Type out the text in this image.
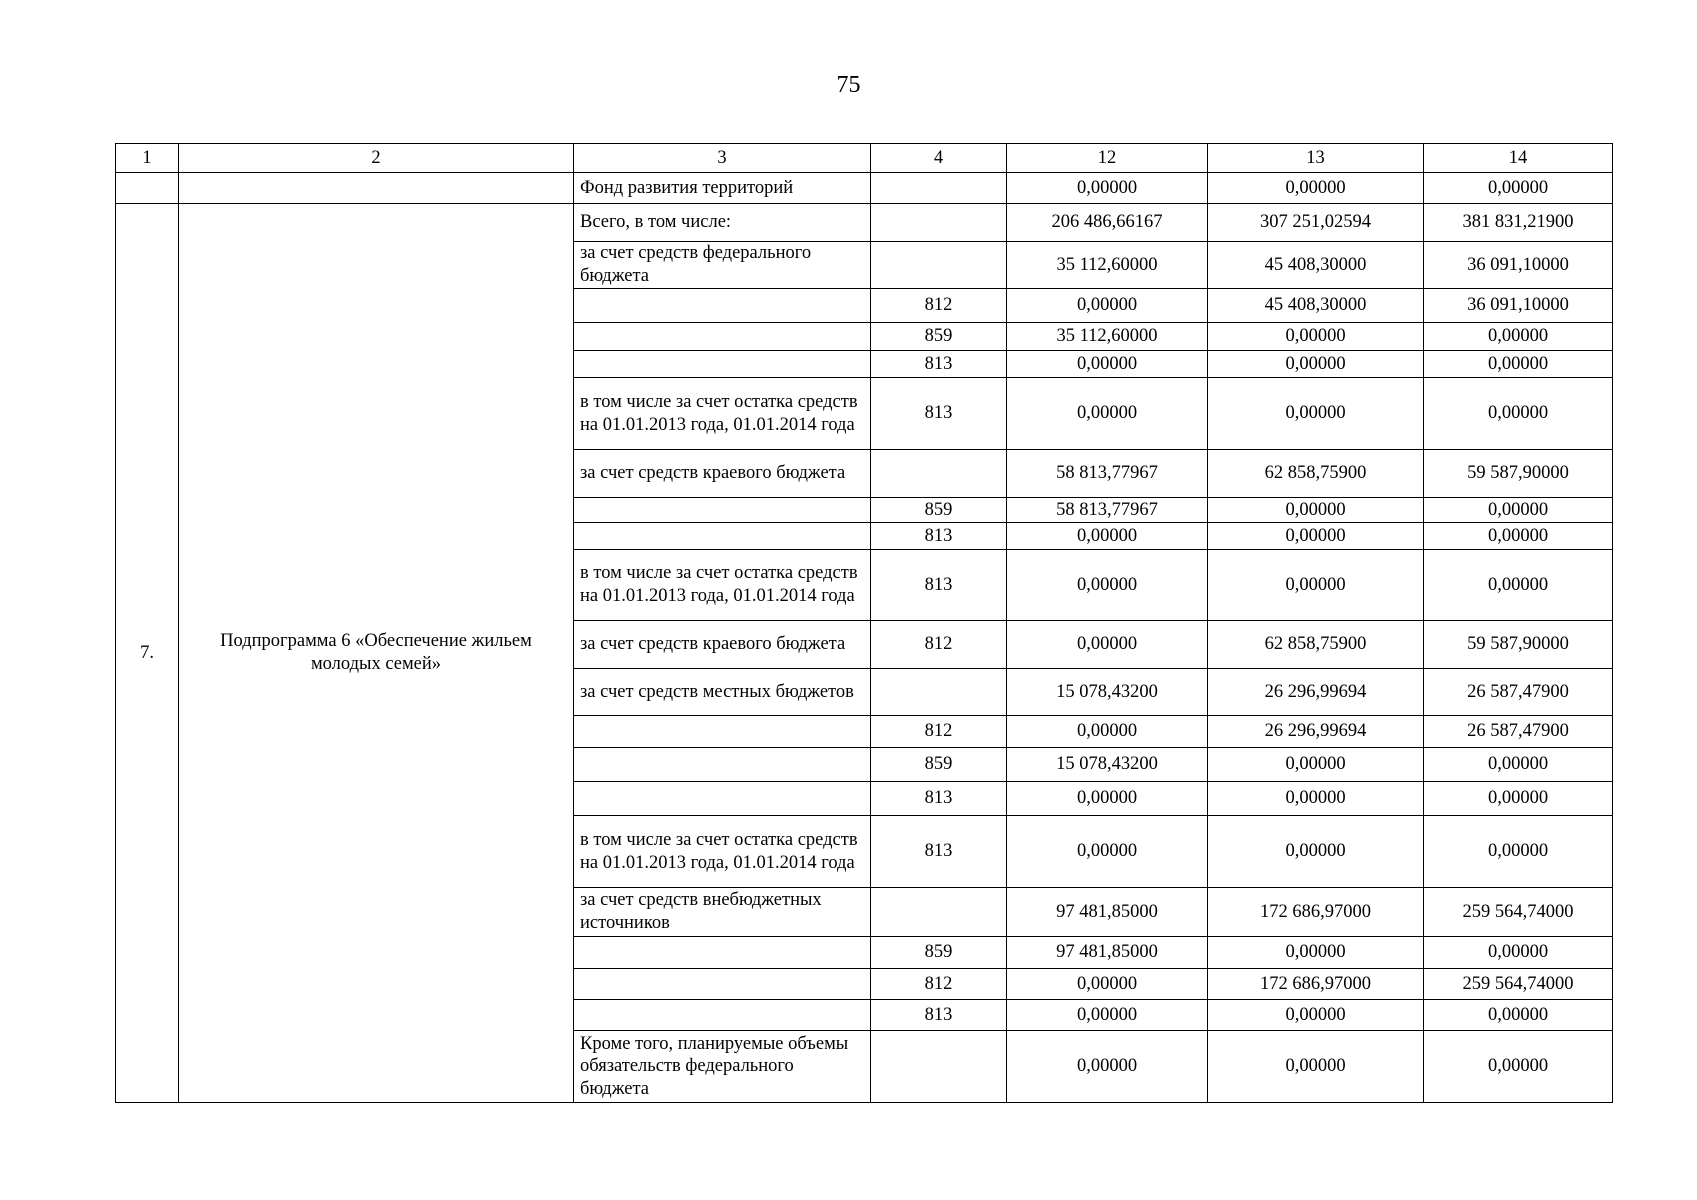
75
1	2	3	4	12	13	14
		Фонд развития территорий		0,00000	0,00000	0,00000
7.	Подпрограмма 6 «Обеспечение жильем молодых семей»	Всего, в том числе:		206 486,66167	307 251,02594	381 831,21900
		за счет средств федерального бюджета		35 112,60000	45 408,30000	36 091,10000
			812	0,00000	45 408,30000	36 091,10000
			859	35 112,60000	0,00000	0,00000
			813	0,00000	0,00000	0,00000
		в том числе за счет остатка средств на 01.01.2013 года, 01.01.2014 года	813	0,00000	0,00000	0,00000
		за счет средств краевого бюджета		58 813,77967	62 858,75900	59 587,90000
			859	58 813,77967	0,00000	0,00000
			813	0,00000	0,00000	0,00000
		в том числе за счет остатка средств на 01.01.2013 года, 01.01.2014 года	813	0,00000	0,00000	0,00000
		за счет средств краевого бюджета	812	0,00000	62 858,75900	59 587,90000
		за счет средств местных бюджетов		15 078,43200	26 296,99694	26 587,47900
			812	0,00000	26 296,99694	26 587,47900
			859	15 078,43200	0,00000	0,00000
			813	0,00000	0,00000	0,00000
		в том числе за счет остатка средств на 01.01.2013 года, 01.01.2014 года	813	0,00000	0,00000	0,00000
		за счет средств внебюджетных источников		97 481,85000	172 686,97000	259 564,74000
			859	97 481,85000	0,00000	0,00000
			812	0,00000	172 686,97000	259 564,74000
			813	0,00000	0,00000	0,00000
		Кроме того, планируемые объемы обязательств федерального бюджета		0,00000	0,00000	0,00000
